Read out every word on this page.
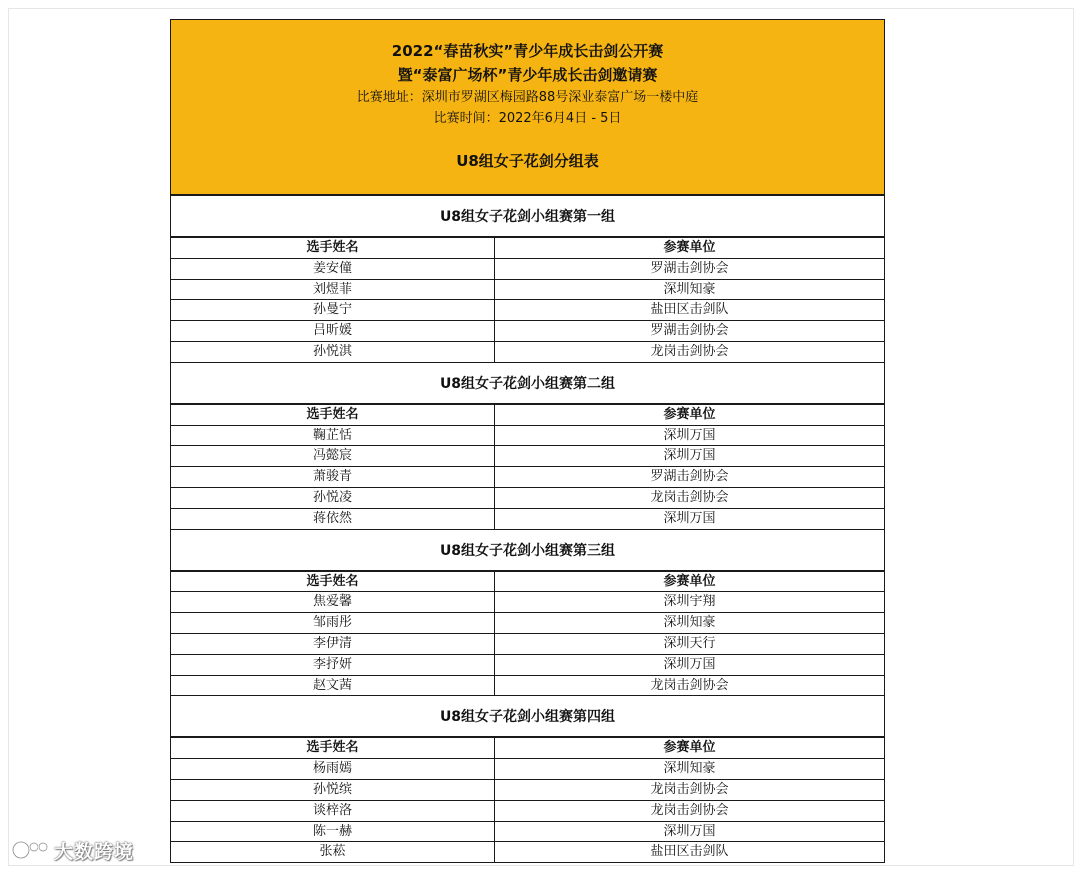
2022“春苗秋实”青少年成长击剑公开赛
暨“泰富广场杯”青少年成长击剑邀请赛
比赛地址：深圳市罗湖区梅园路88号深业泰富广场一楼中庭
比赛时间：2022年6月4日 - 5日
U8组女子花剑分组表
U8组女子花剑小组赛第一组
选手姓名	参赛单位
姜安僮	罗湖击剑协会
刘煜菲	深圳知豪
孙曼宁	盐田区击剑队
吕昕媛	罗湖击剑协会
孙悦淇	龙岗击剑协会
U8组女子花剑小组赛第二组
选手姓名	参赛单位
鞠芷恬	深圳万国
冯懿宸	深圳万国
萧骏青	罗湖击剑协会
孙悦凌	龙岗击剑协会
蒋依然	深圳万国
U8组女子花剑小组赛第三组
选手姓名	参赛单位
焦爱馨	深圳宇翔
邹雨彤	深圳知豪
李伊清	深圳天行
李抒妍	深圳万国
赵文茜	龙岗击剑协会
U8组女子花剑小组赛第四组
选手姓名	参赛单位
杨雨嫣	深圳知豪
孙悦缤	龙岗击剑协会
谈梓洛	龙岗击剑协会
陈一赫	深圳万国
张菘	盐田区击剑队
大数跨境
